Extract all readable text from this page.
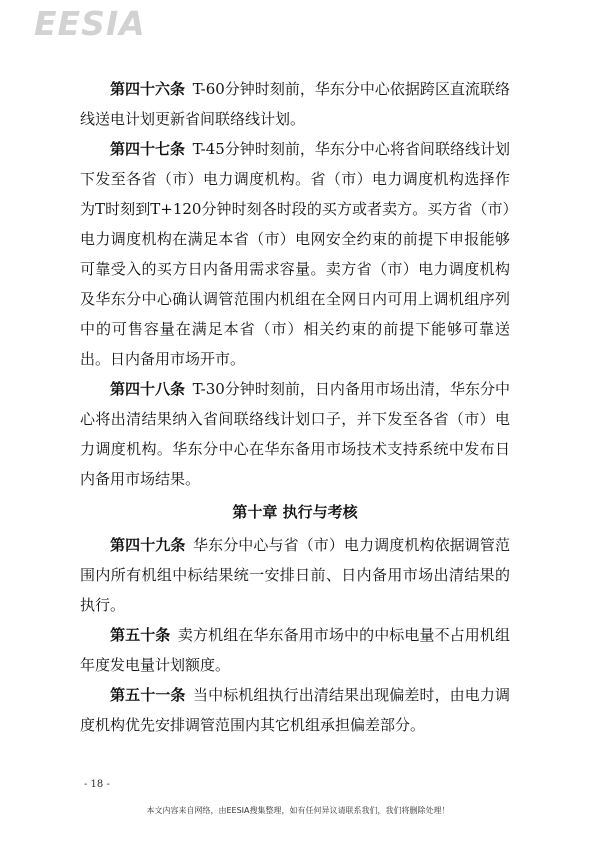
EESIA

第四十六条 T-60分钟时刻前，华东分中心依据跨区直流联络线送电计划更新省间联络线计划。

第四十七条 T-45分钟时刻前，华东分中心将省间联络线计划下发至各省（市）电力调度机构。省（市）电力调度机构选择作为T时刻到T+120分钟时刻各时段的买方或者卖方。买方省（市）电力调度机构在满足本省（市）电网安全约束的前提下申报能够可靠受入的买方日内备用需求容量。卖方省（市）电力调度机构及华东分中心确认调管范围内机组在全网日内可用上调机组序列中的可售容量在满足本省（市）相关约束的前提下能够可靠送出。日内备用市场开市。

第四十八条 T-30分钟时刻前，日内备用市场出清，华东分中心将出清结果纳入省间联络线计划口子，并下发至各省（市）电力调度机构。华东分中心在华东备用市场技术支持系统中发布日内备用市场结果。

第十章 执行与考核

第四十九条 华东分中心与省（市）电力调度机构依据调管范围内所有机组中标结果统一安排日前、日内备用市场出清结果的执行。

第五十条 卖方机组在华东备用市场中的中标电量不占用机组年度发电量计划额度。

第五十一条 当中标机组执行出清结果出现偏差时，由电力调度机构优先安排调管范围内其它机组承担偏差部分。

- 18 -
本文内容来自网络，由EESIA搜集整理，如有任何异议请联系我们，我们将删除处理！
